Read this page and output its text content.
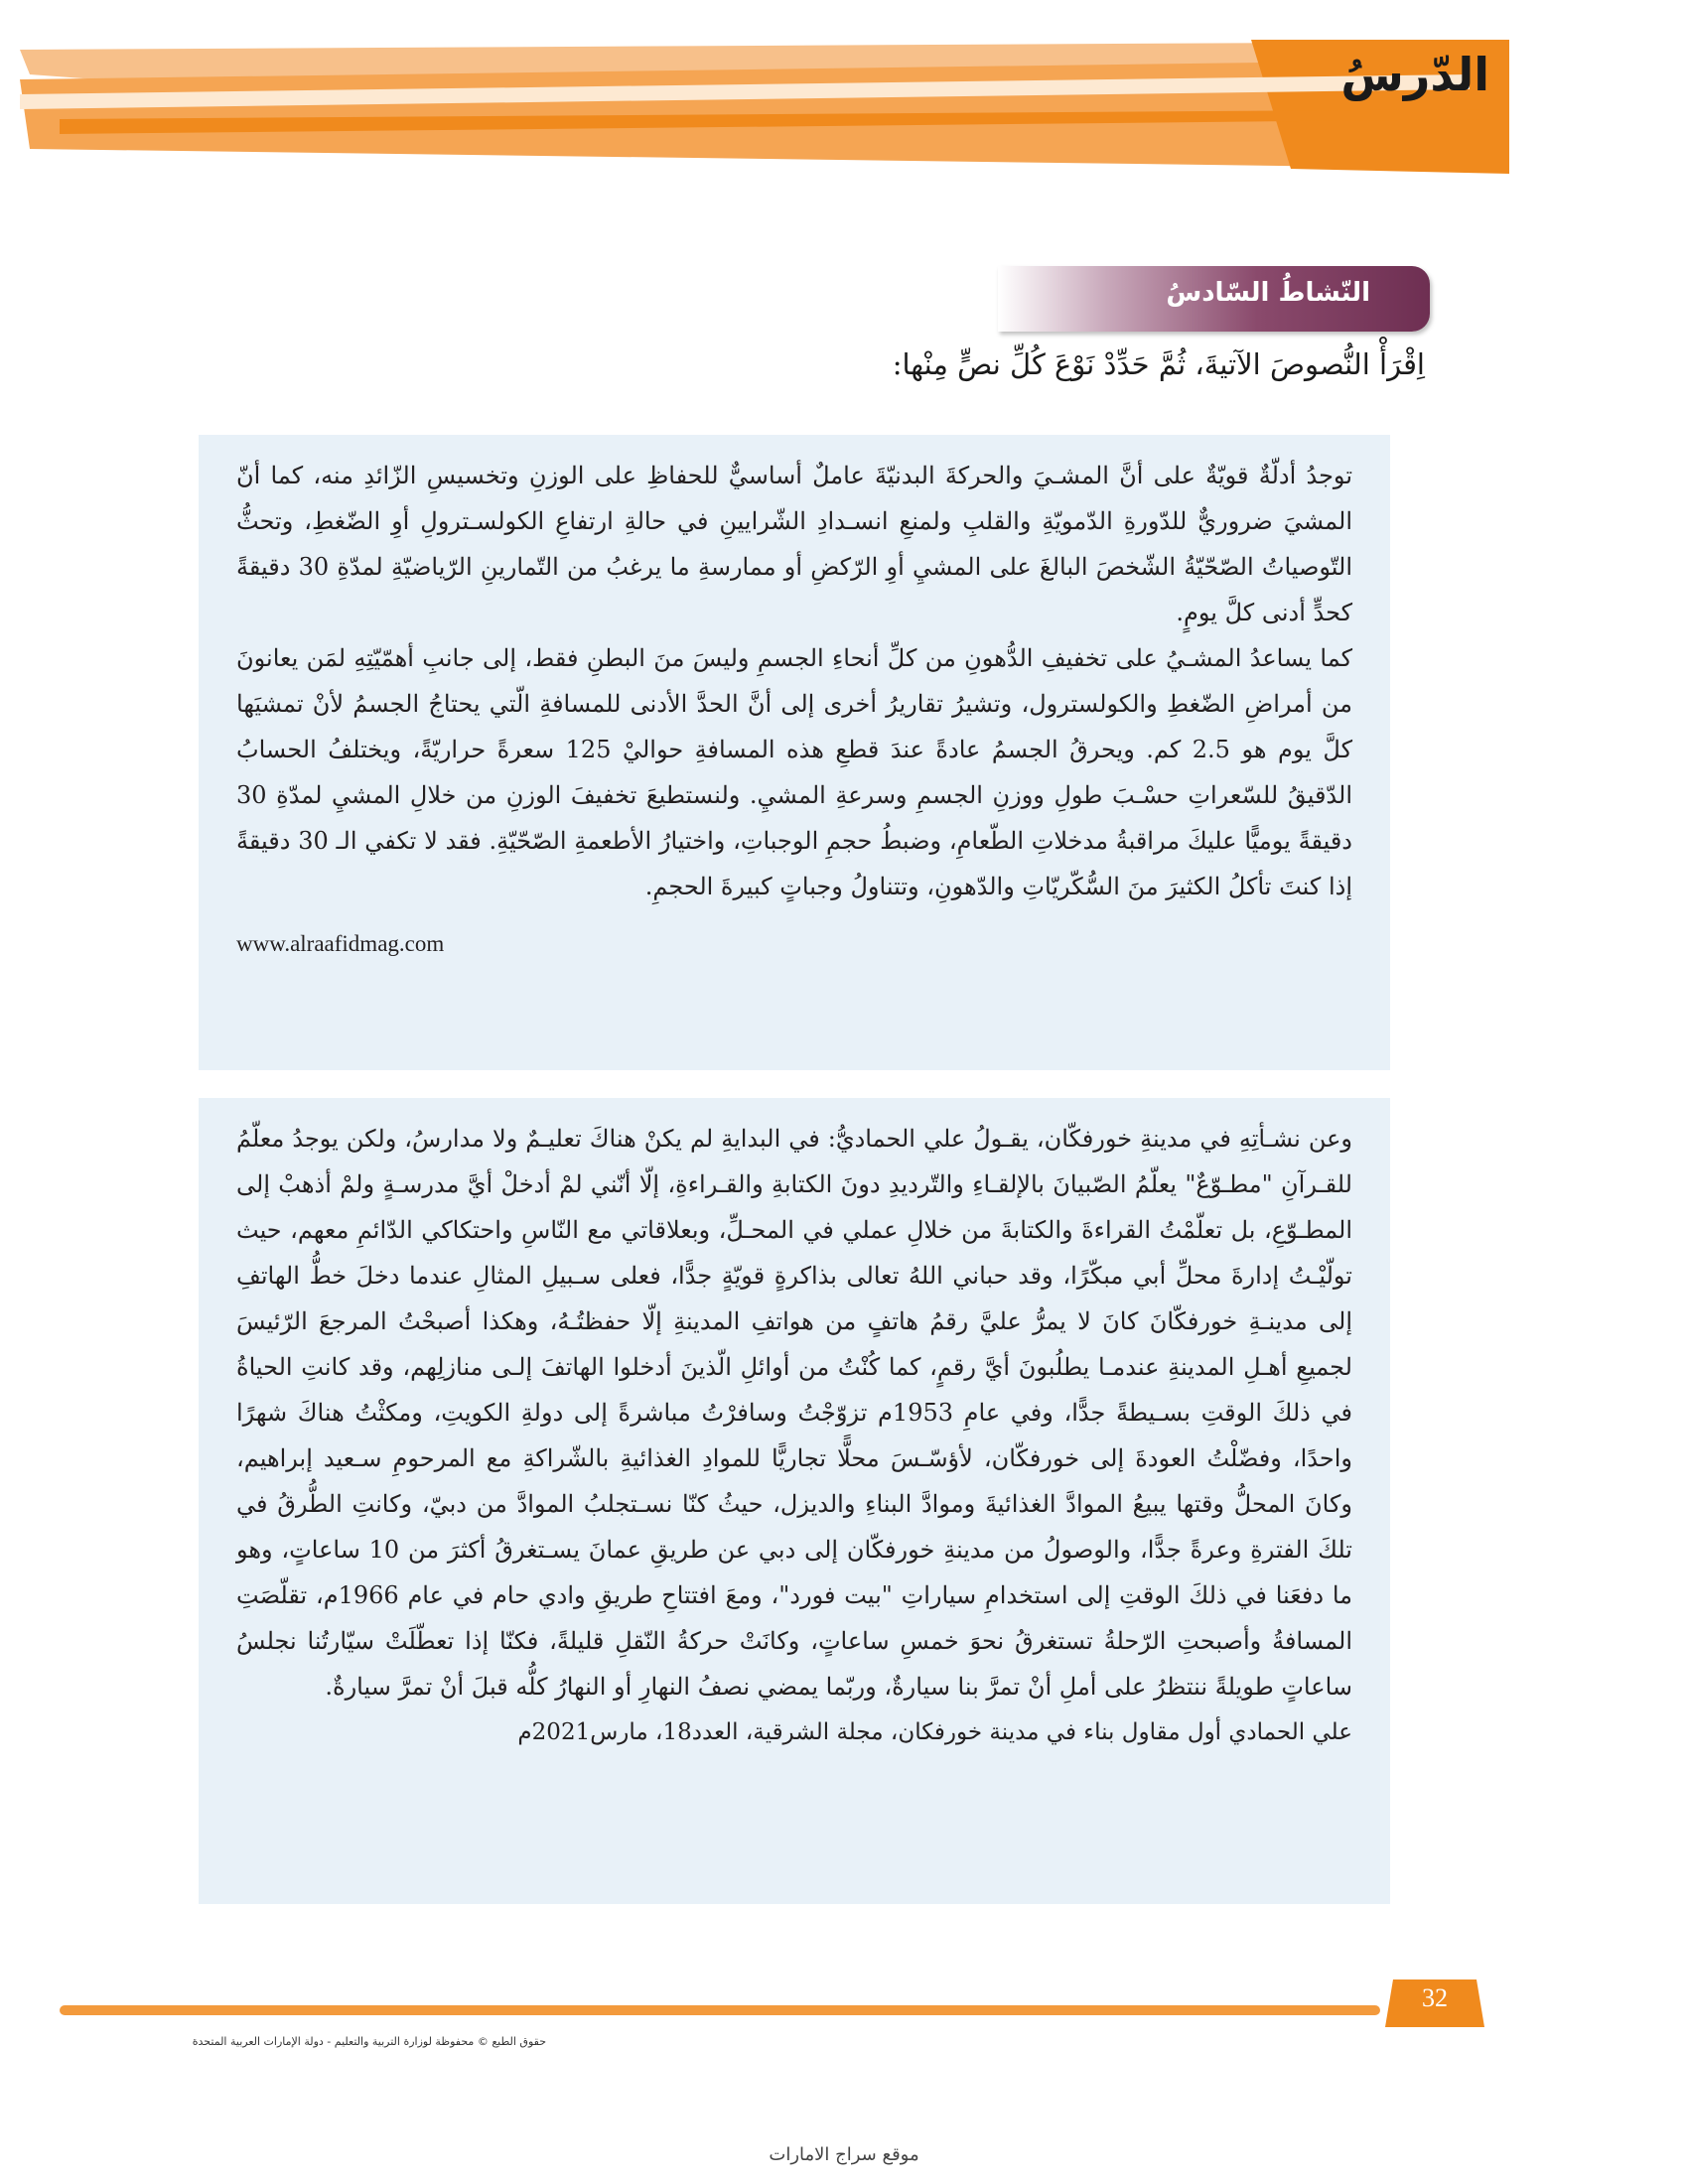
الدّرسُ
النّشاطُ السّادسُ
اِقْرَأْ النُّصوصَ الآتيةَ، ثُمَّ حَدِّدْ نَوْعَ كُلِّ نصٍّ مِنْها:

توجدُ أدلّةٌ قويّةٌ على أنَّ المشـيَ والحركةَ البدنيّةَ عاملٌ أساسيٌّ للحفاظِ على الوزنِ وتخسيسِ الزّائدِ منه، كما أنّ المشيَ ضروريٌّ للدّورةِ الدّمويّةِ والقلبِ ولمنعِ انسـدادِ الشّرايينِ في حالةِ ارتفاعِ الكولسـترولِ أوِ الضّغطِ، وتحثُّ التّوصياتُ الصّحّيّةُ الشّخصَ البالغَ على المشيِ أوِ الرّكضِ أو ممارسةِ ما يرغبُ من التّمارينِ الرّياضيّةِ لمدّةِ 30 دقيقةً كحدٍّ أدنى كلَّ يومٍ.

كما يساعدُ المشـيُ على تخفيفِ الدُّهونِ من كلِّ أنحاءِ الجسمِ وليسَ منَ البطنِ فقط، إلى جانبِ أهمّيّتِهِ لمَن يعانونَ من أمراضِ الضّغطِ والكولسترول، وتشيرُ تقاريرُ أخرى إلى أنَّ الحدَّ الأدنى للمسافةِ الّتي يحتاجُ الجسمُ لأنْ تمشيَها كلَّ يوم هو 2.5 كم. ويحرقُ الجسمُ عادةً عندَ قطعِ هذه المسافةِ حواليْ 125 سعرةً حراريّةً، ويختلفُ الحسابُ الدّقيقُ للسّعراتِ حسْـبَ طولِ ووزنِ الجسمِ وسرعةِ المشيِ. ولنستطيعَ تخفيفَ الوزنِ من خلالِ المشيِ لمدّةِ 30 دقيقةً يوميًّا عليكَ مراقبةُ مدخلاتِ الطّعامِ، وضبطُ حجمِ الوجباتِ، واختيارُ الأطعمةِ الصّحّيّةِ. فقد لا تكفي الـ 30 دقيقةً إذا كنتَ تأكلُ الكثيرَ منَ السُّكّريّاتِ والدّهونِ، وتتناولُ وجباتٍ كبيرةَ الحجمِ.

www.alraafidmag.com

وعن نشـأتِهِ في مدينةِ خورفكّان، يقـولُ علي الحماديُّ: في البدايةِ لم يكنْ هناكَ تعليـمٌ ولا مدارسُ، ولكن يوجدُ معلّمُ للقـرآنِ "مطـوّعٌ" يعلّمُ الصّبيانَ بالإلقـاءِ والتّرديدِ دونَ الكتابةِ والقـراءةِ، إلّا أنّني لمْ أدخلْ أيَّ مدرسـةٍ ولمْ أذهبْ إلى المطـوّعِ، بل تعلّمْتُ القراءةَ والكتابةَ من خلالِ عملي في المحـلِّ، وبعلاقاتي مع النّاسِ واحتكاكي الدّائمِ معهم، حيث تولّيْـتُ إدارةَ محلِّ أبي مبكّرًا، وقد حباني اللهُ تعالى بذاكرةٍ قويّةٍ جدًّا، فعلى سـبيلِ المثالِ عندما دخلَ خطُّ الهاتفِ إلى مدينـةِ خورفكّانَ كانَ لا يمرُّ عليَّ رقمُ هاتفٍ من هواتفِ المدينةِ إلّا حفظتُـهُ، وهكذا أصبحْتُ المرجعَ الرّئيسَ لجميعِ أهـلِ المدينةِ عندمـا يطلُبونَ أيَّ رقمٍ، كما كُنْتُ من أوائلِ الّذينَ أدخلوا الهاتفَ إلـى منازلِهم، وقد كانتِ الحياةُ في ذلكَ الوقتِ بسـيطةً جدًّا، وفي عامِ 1953م تزوّجْتُ وسافرْتُ مباشرةً إلى دولةِ الكويتِ، ومكثْتُ هناكَ شهرًا واحدًا، وفضّلْتُ العودةَ إلى خورفكّان، لأؤسّـسَ محلًّا تجاريًّا للموادِ الغذائيةِ بالشّراكةِ مع المرحومِ سـعيد إبراهيم، وكانَ المحلُّ وقتها يبيعُ الموادَّ الغذائيةَ وموادَّ البناءِ والديزل، حيثُ كنّا نسـتجلبُ الموادَّ من دبيّ، وكانتِ الطُّرقُ في تلكَ الفترةِ وعرةً جدًّا، والوصولُ من مدينةِ خورفكّان إلى دبي عن طريقِ عمانَ يسـتغرقُ أكثرَ من 10 ساعاتٍ، وهو ما دفعَنا في ذلكَ الوقتِ إلى استخدامِ سياراتِ "بيت فورد"، ومعَ افتتاحِ طريقِ وادي حام في عام 1966م، تقلّصَتِ المسافةُ وأصبحتِ الرّحلةُ تستغرقُ نحوَ خمسِ ساعاتٍ، وكانَتْ حركةُ النّقلِ قليلةً، فكنّا إذا تعطّلَتْ سيّارتُنا نجلسُ ساعاتٍ طويلةً ننتظرُ على أملِ أنْ تمرَّ بنا سيارةٌ، وربّما يمضي نصفُ النهارِ أو النهارُ كلُّه قبلَ أنْ تمرَّ سيارةٌ.

علي الحمادي أول مقاول بناء في مدينة خورفكان، مجلة الشرقية، العدد18، مارس2021م
32
حقوق الطبع © محفوظة لوزارة التربية والتعليم - دولة الإمارات العربية المتحدة
موقع سراج الامارات
